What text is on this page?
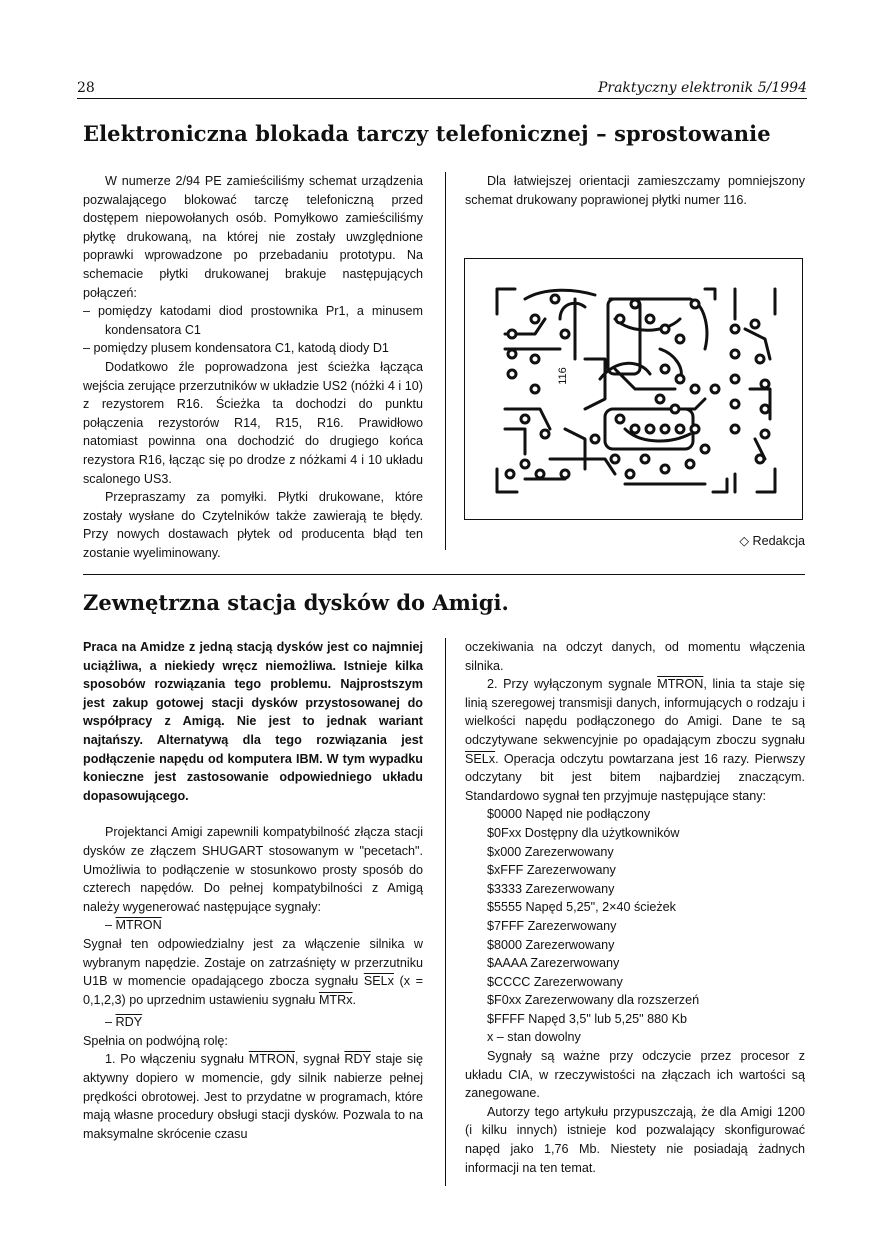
28	Praktyczny elektronik 5/1994
Elektroniczna blokada tarczy telefonicznej – sprostowanie

W numerze 2/94 PE zamieściliśmy schemat urządzenia pozwalającego blokować tarczę telefoniczną przed dostępem niepowołanych osób. Pomyłkowo zamieściliśmy płytkę drukowaną, na której nie zostały uwzględnione poprawki wprowadzone po przebadaniu prototypu. Na schemacie płytki drukowanej brakuje następujących połączeń:

– pomiędzy katodami diod prostownika Pr1, a minusem kondensatora C1

– pomiędzy plusem kondensatora C1, katodą diody D1

Dodatkowo źle poprowadzona jest ścieżka łącząca wejścia zerujące przerzutników w układzie US2 (nóżki 4 i 10) z rezystorem R16. Ścieżka ta dochodzi do punktu połączenia rezystorów R14, R15, R16. Prawidłowo natomiast powinna ona dochodzić do drugiego końca rezystora R16, łącząc się po drodze z nóżkami 4 i 10 układu scalonego US3.

Przepraszamy za pomyłki. Płytki drukowane, które zostały wysłane do Czytelników także zawierają te błędy. Przy nowych dostawach płytek od producenta błąd ten zostanie wyeliminowany.

Dla łatwiejszej orientacji zamieszczamy pomniejszony schemat drukowany poprawionej płytki numer 116.

116
◇ Redakcja
Zewnętrzna stacja dysków do Amigi.

Praca na Amidze z jedną stacją dysków jest co najmniej uciążliwa, a niekiedy wręcz niemożliwa. Istnieje kilka sposobów rozwiązania tego problemu. Najprostszym jest zakup gotowej stacji dysków przystosowanej do współpracy z Amigą. Nie jest to jednak wariant najtańszy. Alternatywą dla tego rozwiązania jest podłączenie napędu od komputera IBM. W tym wypadku konieczne jest zastosowanie odpowiedniego układu dopasowującego.

Projektanci Amigi zapewnili kompatybilność złącza stacji dysków ze złączem SHUGART stosowanym w "pecetach". Umożliwia to podłączenie w stosunkowo prosty sposób do czterech napędów. Do pełnej kompatybilności z Amigą należy wygenerować następujące sygnały:

– MTRON

Sygnał ten odpowiedzialny jest za włączenie silnika w wybranym napędzie. Zostaje on zatrzaśnięty w przerzutniku U1B w momencie opadającego zbocza sygnału SELx (x = 0,1,2,3) po uprzednim ustawieniu sygnału MTRx.

– $\overline{RDY}$

Spełnia on podwójną rolę:

1. Po włączeniu sygnału MTRON, sygnał $\overline{RDY}$ staje się aktywny dopiero w momencie, gdy silnik nabierze pełnej prędkości obrotowej. Jest to przydatne w programach, które mają własne procedury obsługi stacji dysków. Pozwala to na maksymalne skrócenie czasu

oczekiwania na odczyt danych, od momentu włączenia silnika.

2. Przy wyłączonym sygnale MTRON, linia ta staje się linią szeregowej transmisji danych, informujących o rodzaju i wielkości napędu podłączonego do Amigi. Dane te są odczytywane sekwencyjnie po opadającym zboczu sygnału SELx. Operacja odczytu powtarzana jest 16 razy. Pierwszy odczytany bit jest bitem najbardziej znaczącym. Standardowo sygnał ten przyjmuje następujące stany:

$0000 Napęd nie podłączony
$0Fxx Dostępny dla użytkowników
$x000 Zarezerwowany
$xFFF Zarezerwowany
$3333 Zarezerwowany
$5555 Napęd 5,25", 2×40 ścieżek
$7FFF Zarezerwowany
$8000 Zarezerwowany
$AAAA Zarezerwowany
$CCCC Zarezerwowany
$F0xx Zarezerwowany dla rozszerzeń
$FFFF Napęd 3,5" lub 5,25" 880 Kb
x – stan dowolny

Sygnały są ważne przy odczycie przez procesor z układu CIA, w rzeczywistości na złączach ich wartości są zanegowane.

Autorzy tego artykułu przypuszczają, że dla Amigi 1200 (i kilku innych) istnieje kod pozwalający skonfigurować napęd jako 1,76 Mb. Niestety nie posiadają żadnych informacji na ten temat.
